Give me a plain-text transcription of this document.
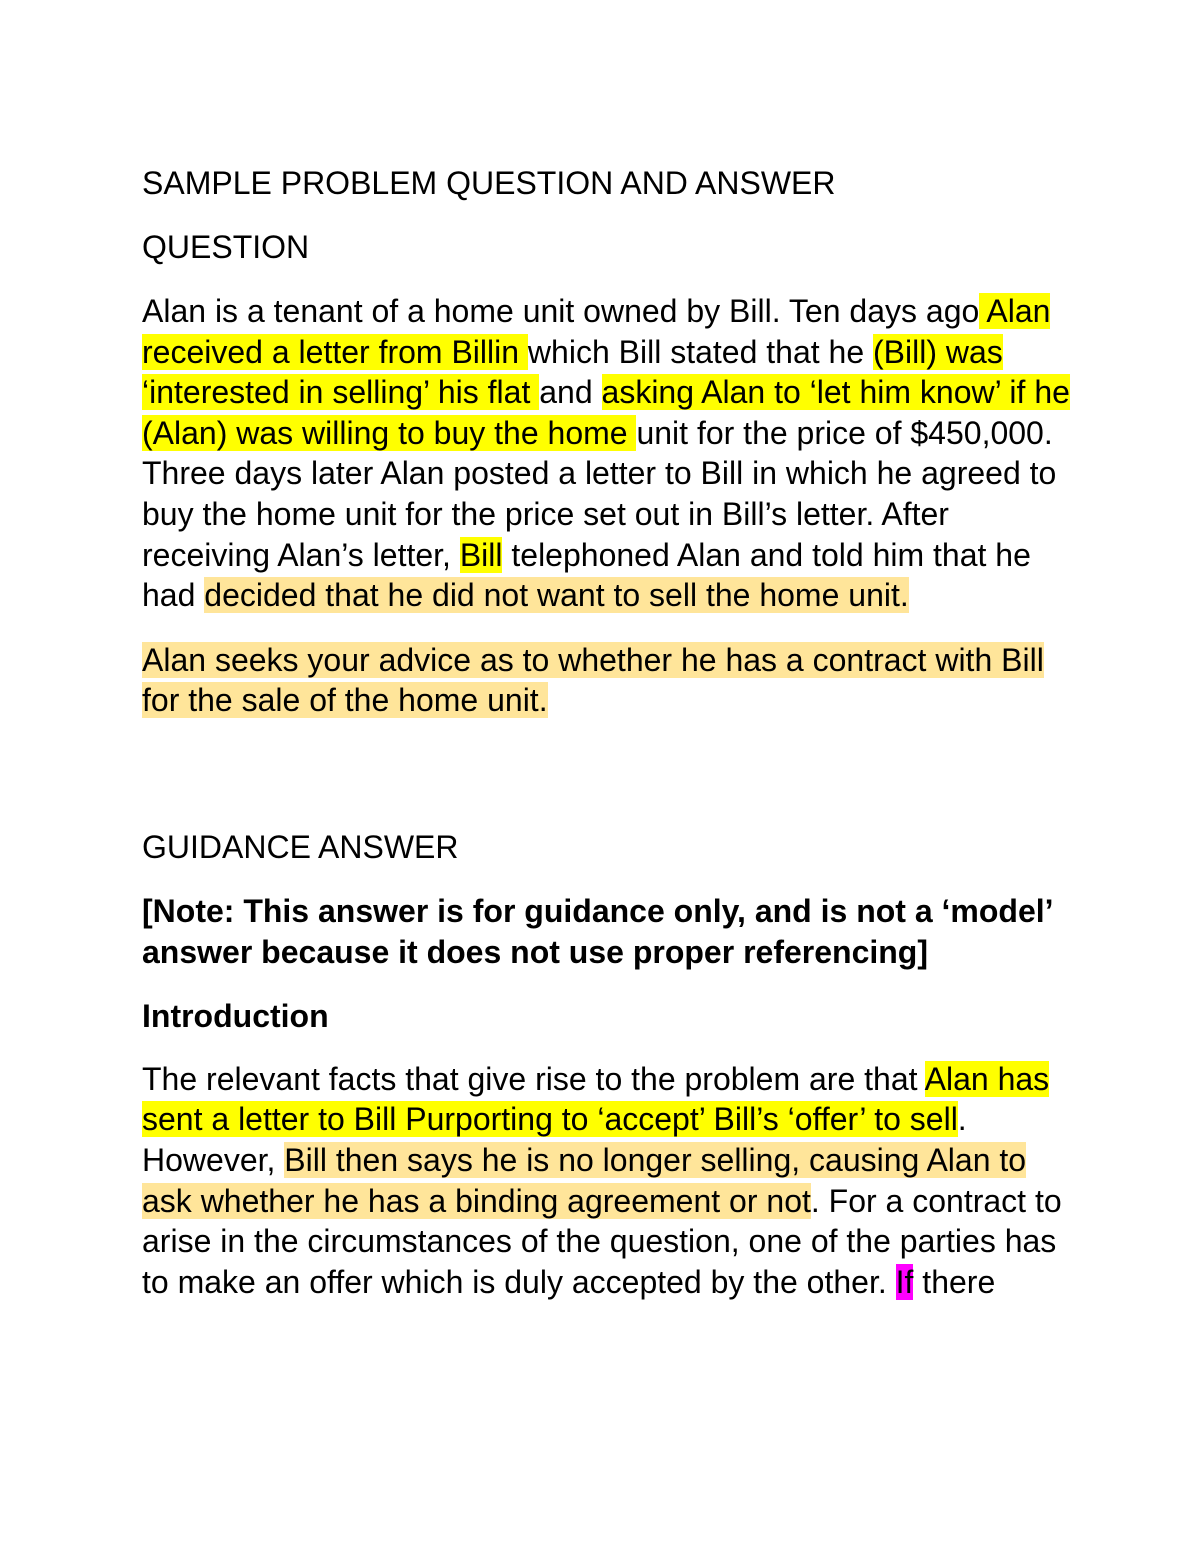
SAMPLE PROBLEM QUESTION AND ANSWER

QUESTION

Alan is a tenant of a home unit owned by Bill. Ten days ago Alan received a letter from Billin which Bill stated that he (Bill) was ‘interested in selling’ his flat and asking Alan to ‘let him know’ if he (Alan) was willing to buy the home unit for the price of $450,000. Three days later Alan posted a letter to Bill in which he agreed to buy the home unit for the price set out in Bill’s letter. After receiving Alan’s letter, Bill telephoned Alan and told him that he had decided that he did not want to sell the home unit.

Alan seeks your advice as to whether he has a contract with Bill for the sale of the home unit.

GUIDANCE ANSWER

[Note: This answer is for guidance only, and is not a ‘model’ answer because it does not use proper referencing]

Introduction

The relevant facts that give rise to the problem are that Alan has sent a letter to Bill Purporting to ‘accept’ Bill’s ‘offer’ to sell. However, Bill then says he is no longer selling, causing Alan to ask whether he has a binding agreement or not. For a contract to arise in the circumstances of the question, one of the parties has to make an offer which is duly accepted by the other. If there
